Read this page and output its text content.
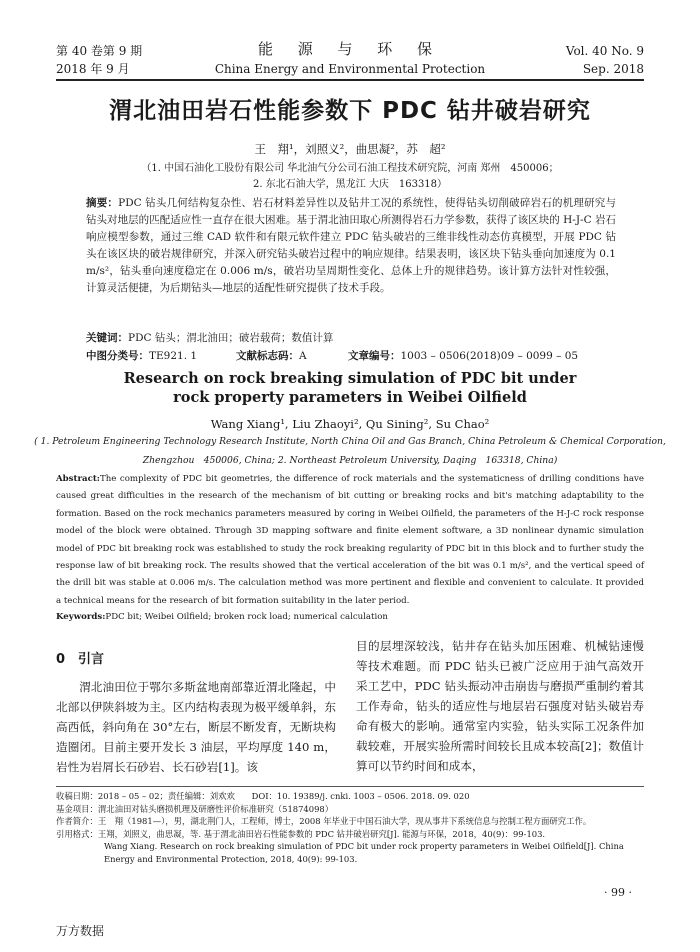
第 40 卷第 9 期
2018 年 9 月
能 源 与 环 保
China Energy and Environmental Protection
Vol. 40 No. 9
Sep. 2018
渭北油田岩石性能参数下 PDC 钻井破岩研究
王　翔¹，刘照义²，曲思凝²，苏　超²
（1. 中国石油化工股份有限公司 华北油气分公司石油工程技术研究院，河南 郑州　450006；
2. 东北石油大学，黑龙江 大庆　163318）
摘要：PDC 钻头几何结构复杂性、岩石材料差异性以及钻井工况的系统性，使得钻头切削破碎岩石的机理研究与钻头对地层的匹配适应性一直存在很大困难。基于渭北油田取心所测得岩石力学参数，获得了该区块的 H-J-C 岩石响应模型参数，通过三维 CAD 软件和有限元软件建立 PDC 钻头破岩的三维非线性动态仿真模型，开展 PDC 钻头在该区块的破岩规律研究，并深入研究钻头破岩过程中的响应规律。结果表明，该区块下钻头垂向加速度为 0.1 m/s²，钻头垂向速度稳定在 0.006 m/s，破岩功呈周期性变化、总体上升的规律趋势。该计算方法针对性较强，计算灵活便捷，为后期钻头—地层的适配性研究提供了技术手段。
关键词：PDC 钻头；渭北油田；破岩载荷；数值计算
中图分类号：TE921. 1	文献标志码：A	文章编号：1003 – 0506(2018)09 – 0099 – 05
Research on rock breaking simulation of PDC bit under
rock property parameters in Weibei Oilfield
Wang Xiang¹, Liu Zhaoyi², Qu Sining², Su Chao²
( 1. Petroleum Engineering Technology Research Institute, North China Oil and Gas Branch, China Petroleum & Chemical Corporation,
Zhengzhou　450006, China; 2. Northeast Petroleum University, Daqing　163318, China)
Abstract:The complexity of PDC bit geometries, the difference of rock materials and the systematicness of drilling conditions have caused great difficulties in the research of the mechanism of bit cutting or breaking rocks and bit's matching adaptability to the formation. Based on the rock mechanics parameters measured by coring in Weibei Oilfield, the parameters of the H-J-C rock response model of the block were obtained. Through 3D mapping software and finite element software, a 3D nonlinear dynamic simulation model of PDC bit breaking rock was established to study the rock breaking regularity of PDC bit in this block and to further study the response law of bit breaking rock. The results showed that the vertical acceleration of the bit was 0.1 m/s², and the vertical speed of the drill bit was stable at 0.006 m/s. The calculation method was more pertinent and flexible and convenient to calculate. It provided a technical means for the research of bit formation suitability in the later period.
Keywords:PDC bit; Weibei Oilfield; broken rock load; numerical calculation
0　引言
渭北油田位于鄂尔多斯盆地南部靠近渭北隆起，中北部以伊陕斜坡为主。区内结构表现为极平缓单斜，东高西低，斜向角在 30°左右，断层不断发育，无断块构造圈闭。目前主要开发长 3 油层，平均厚度 140 m，岩性为岩屑长石砂岩、长石砂岩[1]。该
目的层埋深较浅，钻井存在钻头加压困难、机械钻速慢等技术难题。而 PDC 钻头已被广泛应用于油气高效开采工艺中，PDC 钻头振动冲击崩齿与磨损严重制约着其工作寿命，钻头的适应性与地层岩石强度对钻头破岩寿命有极大的影响。通常室内实验，钻头实际工况条件加载较难，开展实验所需时间较长且成本较高[2]；数值计算可以节约时间和成本，
收稿日期：2018 – 05 – 02；责任编辑：刘欢欢　　 DOI：10. 19389/j. cnki. 1003 – 0506. 2018. 09. 020
基金项目：渭北油田对钻头磨损机理及研磨性评价标准研究（51874098）
作者简介：王　翔（1981—），男，湖北荆门人，工程师，博士，2008 年毕业于中国石油大学，现从事井下系统信息与控制工程方面研究工作。
引用格式：王翔，刘照义，曲思凝，等. 基于渭北油田岩石性能参数的 PDC 钻井破岩研究[J]. 能源与环保，2018，40(9)：99-103.
Wang Xiang. Research on rock breaking simulation of PDC bit under rock property parameters in Weibei Oilfield[J]. China Energy and Environmental Protection, 2018, 40(9): 99-103.
· 99 ·
万方数据
